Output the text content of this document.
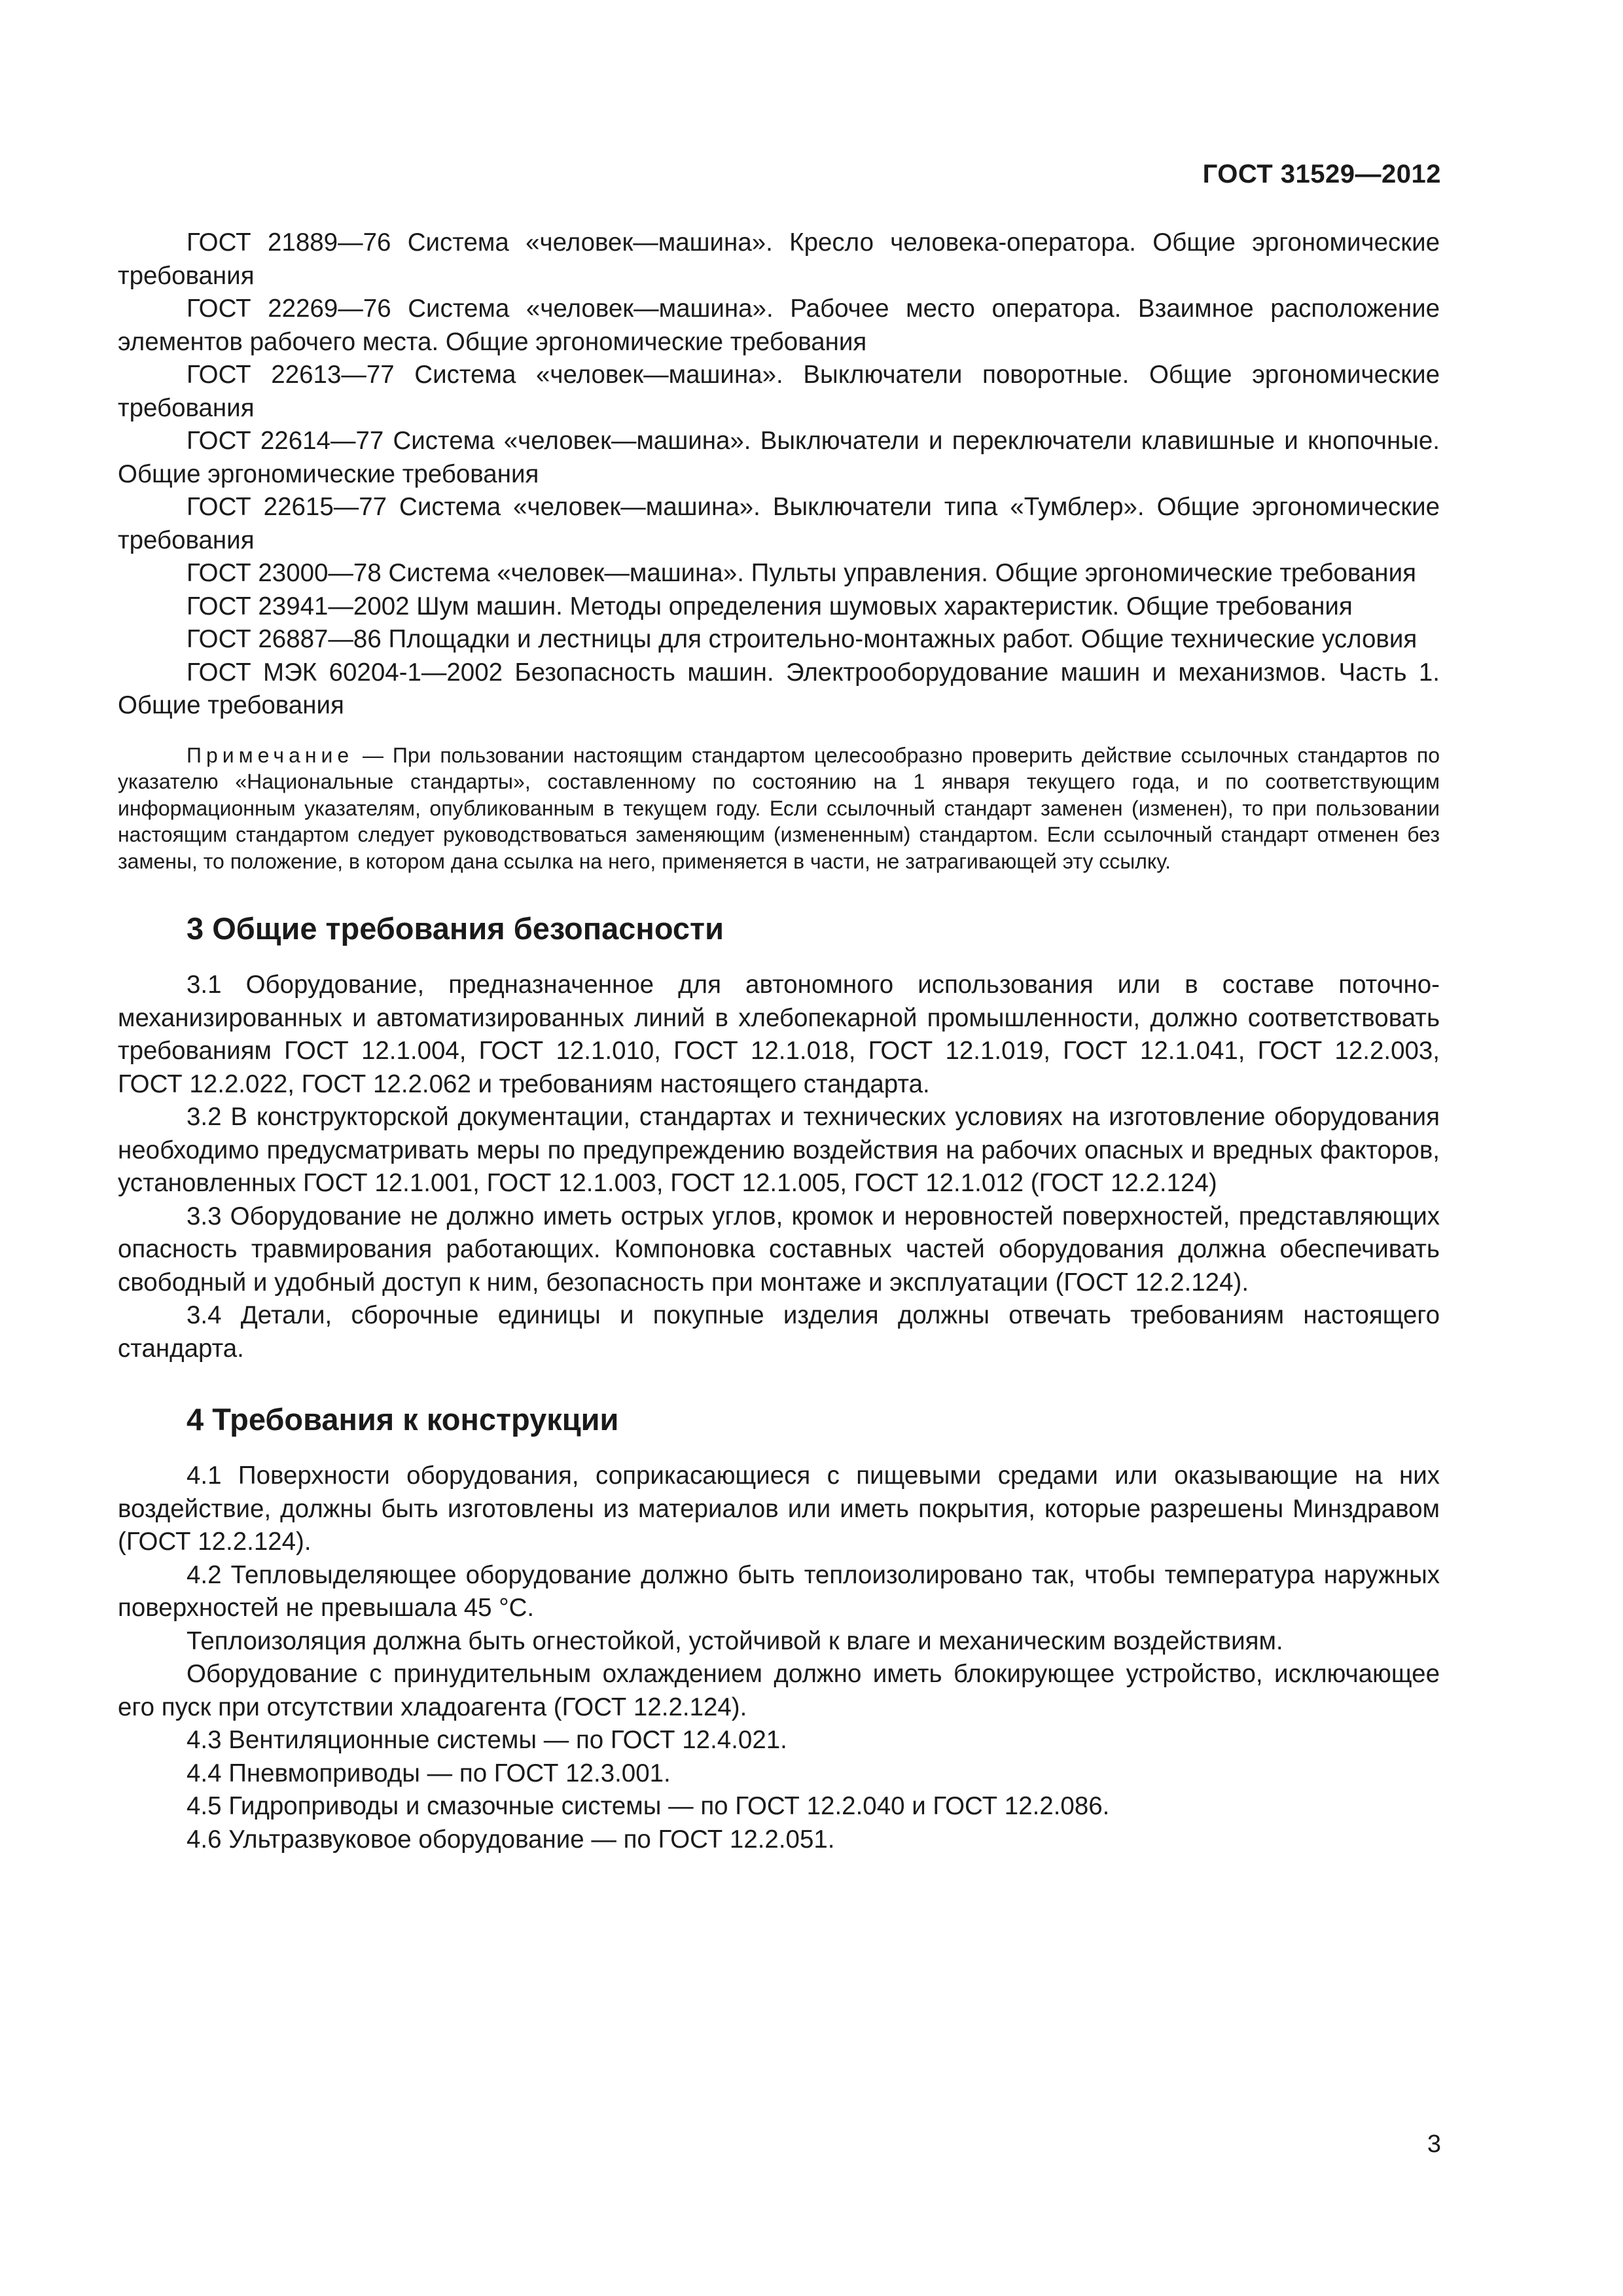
ГОСТ 31529—2012

ГОСТ 21889—76 Система «человек—машина». Кресло человека-оператора. Общие эргономические требования

ГОСТ 22269—76 Система «человек—машина». Рабочее место оператора. Взаимное расположение элементов рабочего места. Общие эргономические требования

ГОСТ 22613—77 Система «человек—машина». Выключатели поворотные. Общие эргономические требования

ГОСТ 22614—77 Система «человек—машина». Выключатели и переключатели клавишные и кнопочные. Общие эргономические требования

ГОСТ 22615—77 Система «человек—машина». Выключатели типа «Тумблер». Общие эргономические требования

ГОСТ 23000—78 Система «человек—машина». Пульты управления. Общие эргономические требования

ГОСТ 23941—2002 Шум машин. Методы определения шумовых характеристик. Общие требования

ГОСТ 26887—86 Площадки и лестницы для строительно-монтажных работ. Общие технические условия

ГОСТ МЭК 60204-1—2002 Безопасность машин. Электрооборудование машин и механизмов. Часть 1. Общие требования

Примечание — При пользовании настоящим стандартом целесообразно проверить действие ссылочных стандартов по указателю «Национальные стандарты», составленному по состоянию на 1 января текущего года, и по соответствующим информационным указателям, опубликованным в текущем году. Если ссылочный стандарт заменен (изменен), то при пользовании настоящим стандартом следует руководствоваться заменяющим (измененным) стандартом. Если ссылочный стандарт отменен без замены, то положение, в котором дана ссылка на него, применяется в части, не затрагивающей эту ссылку.

3 Общие требования безопасности

3.1 Оборудование, предназначенное для автономного использования или в составе поточно-механизированных и автоматизированных линий в хлебопекарной промышленности, должно соответствовать требованиям ГОСТ 12.1.004, ГОСТ 12.1.010, ГОСТ 12.1.018, ГОСТ 12.1.019, ГОСТ 12.1.041, ГОСТ 12.2.003, ГОСТ 12.2.022, ГОСТ 12.2.062 и требованиям настоящего стандарта.

3.2 В конструкторской документации, стандартах и технических условиях на изготовление оборудования необходимо предусматривать меры по предупреждению воздействия на рабочих опасных и вредных факторов, установленных ГОСТ 12.1.001, ГОСТ 12.1.003, ГОСТ 12.1.005, ГОСТ 12.1.012 (ГОСТ 12.2.124)

3.3 Оборудование не должно иметь острых углов, кромок и неровностей поверхностей, представляющих опасность травмирования работающих. Компоновка составных частей оборудования должна обеспечивать свободный и удобный доступ к ним, безопасность при монтаже и эксплуатации (ГОСТ 12.2.124).

3.4 Детали, сборочные единицы и покупные изделия должны отвечать требованиям настоящего стандарта.

4 Требования к конструкции

4.1 Поверхности оборудования, соприкасающиеся с пищевыми средами или оказывающие на них воздействие, должны быть изготовлены из материалов или иметь покрытия, которые разрешены Минздравом (ГОСТ 12.2.124).

4.2 Тепловыделяющее оборудование должно быть теплоизолировано так, чтобы температура наружных поверхностей не превышала 45 °С.

Теплоизоляция должна быть огнестойкой, устойчивой к влаге и механическим воздействиям.

Оборудование с принудительным охлаждением должно иметь блокирующее устройство, исключающее его пуск при отсутствии хладоагента (ГОСТ 12.2.124).

4.3 Вентиляционные системы — по ГОСТ 12.4.021.

4.4 Пневмоприводы — по ГОСТ 12.3.001.

4.5 Гидроприводы и смазочные системы — по ГОСТ 12.2.040 и ГОСТ 12.2.086.

4.6 Ультразвуковое оборудование — по ГОСТ 12.2.051.

3
